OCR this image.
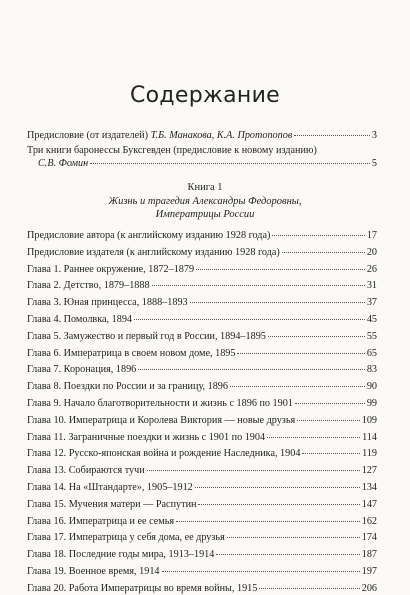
Содержание
Предисловие (от издателей) Т.Б. Манакова, К.А. Протопопов	3
Три книги баронессы Буксгевден (предисловие к новому изданию)
С.В. Фомин	5
Книга 1
Жизнь и трагедия Александры Федоровны,
Императрицы России
Предисловие автора (к английскому изданию 1928 года)	17
Предисловие издателя (к английскому изданию 1928 года)	20
Глава 1. Раннее окружение, 1872–1879	26
Глава 2. Детство, 1879–1888	31
Глава 3. Юная принцесса, 1888–1893	37
Глава 4. Помолвка, 1894	45
Глава 5. Замужество и первый год в России, 1894–1895	55
Глава 6. Императрица в своем новом доме, 1895	65
Глава 7. Коронация, 1896	83
Глава 8. Поездки по России и за границу, 1896	90
Глава 9. Начало благотворительности и жизнь с 1896 по 1901	99
Глава 10. Императрица и Королева Виктория — новые друзья	109
Глава 11. Заграничные поездки и жизнь с 1901 по 1904	114
Глава 12. Русско-японская война и рождение Наследника, 1904	119
Глава 13. Собираются тучи	127
Глава 14. На «Штандарте», 1905–1912	134
Глава 15. Мучения матери — Распутин	147
Глава 16. Императрица и ее семья	162
Глава 17. Императрица у себя дома, ее друзья	174
Глава 18. Последние годы мира, 1913–1914	187
Глава 19. Военное время, 1914	197
Глава 20. Работа Императрицы во время войны, 1915	206
